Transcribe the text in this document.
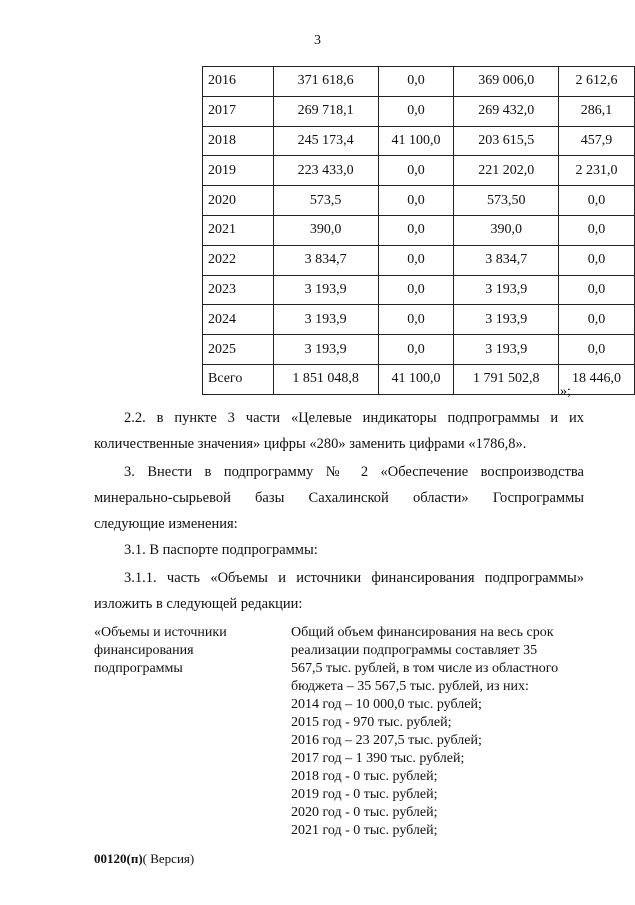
3
2016	371 618,6	0,0	369 006,0	2 612,6
2017	269 718,1	0,0	269 432,0	286,1
2018	245 173,4	41 100,0	203 615,5	457,9
2019	223 433,0	0,0	221 202,0	2 231,0
2020	573,5	0,0	573,50	0,0
2021	390,0	0,0	390,0	0,0
2022	3 834,7	0,0	3 834,7	0,0
2023	3 193,9	0,0	3 193,9	0,0
2024	3 193,9	0,0	3 193,9	0,0
2025	3 193,9	0,0	3 193,9	0,0
Всего	1 851 048,8	41 100,0	1 791 502,8	18 446,0
»;
2.2. в пункте 3 части «Целевые индикаторы подпрограммы и их
количественные значения» цифры «280» заменить цифрами «1786,8».
3. Внести в подпрограмму № 2 «Обеспечение воспроизводства
минерально-сырьевой базы Сахалинской области» Госпрограммы
следующие изменения:
3.1. В паспорте подпрограммы:
3.1.1. часть «Объемы и источники финансирования подпрограммы»
изложить в следующей редакции:
«Объемы и источники
финансирования
подпрограммы
Общий объем финансирования на весь срок
реализации подпрограммы составляет 35
567,5 тыс. рублей, в том числе из областного
бюджета – 35 567,5 тыс. рублей, из них:
2014 год – 10 000,0 тыс. рублей;
2015 год - 970 тыс. рублей;
2016 год – 23 207,5 тыс. рублей;
2017 год – 1 390 тыс. рублей;
2018 год - 0 тыс. рублей;
2019 год - 0 тыс. рублей;
2020 год - 0 тыс. рублей;
2021 год - 0 тыс. рублей;
00120(п)( Версия)
